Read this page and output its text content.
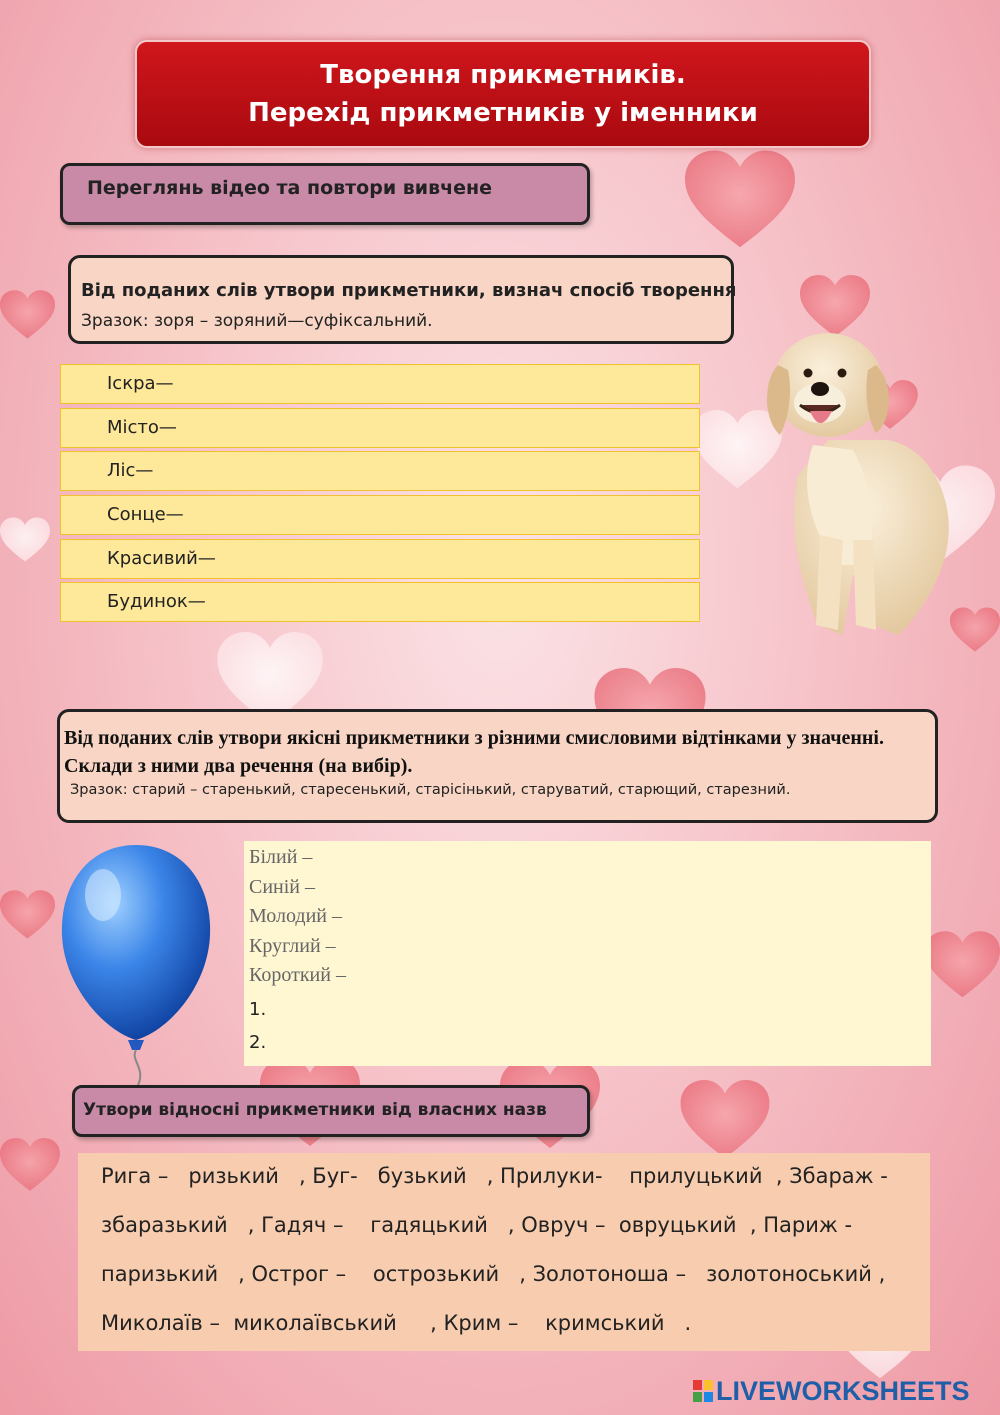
Творення прикметників.
Перехід прикметників у іменники
Переглянь відео та повтори вивчене
Від поданих слів утвори прикметники, визнач спосіб творення
Зразок: зоря – зоряний—суфіксальний.
Іскра—
Місто—
Ліс—
Сонце—
Красивий—
Будинок—
Від поданих слів утвори якісні прикметники з різними смисловими відтінками у значенні. Склади з ними два речення (на вибір).
Зразок: старий – старенький, старесенький, старісінький, старуватий, старющий, старезний.
Білий –
Синій –
Молодий –
Круглий –
Короткий –
1.
2.
Утвори відносні прикметники від власних назв
Рига –   ризький   , Буг-   бузький   , Прилуки-    прилуцький  , Збараж -
збаразький   , Гадяч –    гадяцький   , Овруч –  овруцький  , Париж -
паризький   , Острог –    острозький   , Золотоноша –   золотоноський ,
Миколаїв –  миколаївський     , Крим –    кримський   .
LIVEWORKSHEETS
